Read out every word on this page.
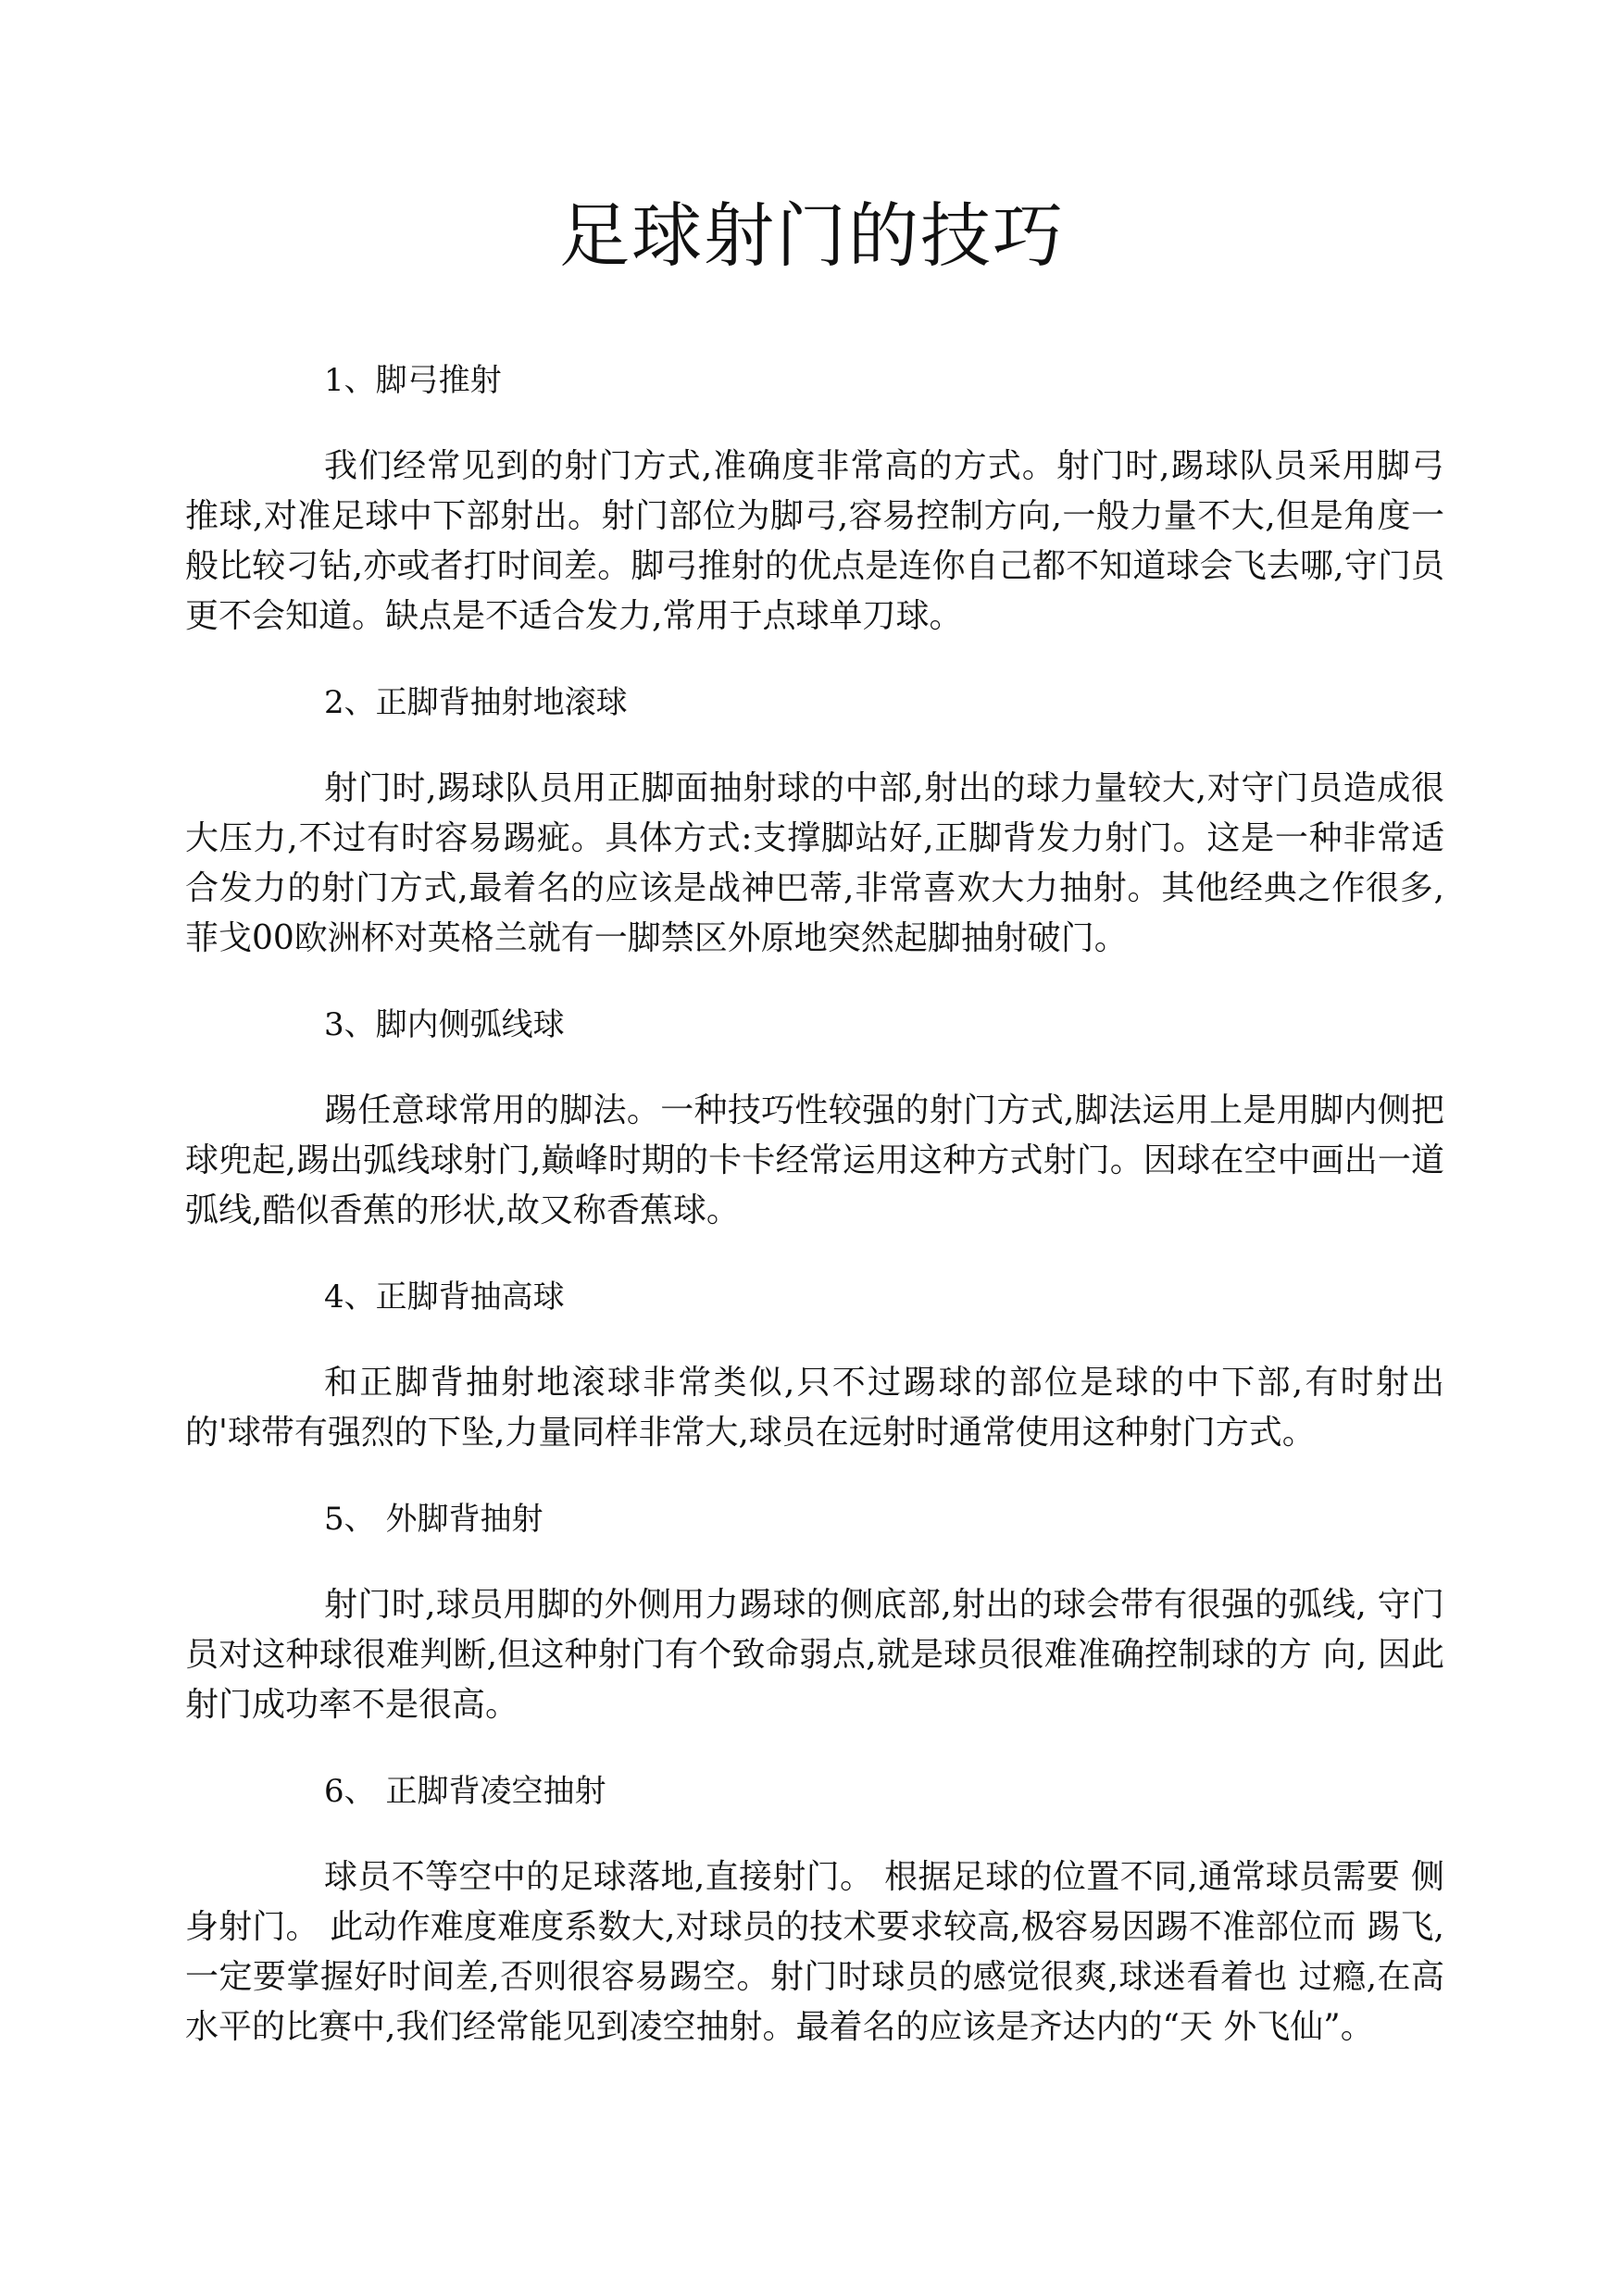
足球射门的技巧

1、脚弓推射

我们经常见到的射门方式,准确度非常高的方式。射门时,踢球队员采用脚弓推球,对准足球中下部射出。射门部位为脚弓,容易控制方向,一般力量不大,但是角度一般比较刁钻,亦或者打时间差。脚弓推射的优点是连你自己都不知道球会飞去哪,守门员更不会知道。缺点是不适合发力,常用于点球单刀球。

2、正脚背抽射地滚球

射门时,踢球队员用正脚面抽射球的中部,射出的球力量较大,对守门员造成很大压力,不过有时容易踢疵。具体方式:支撑脚站好,正脚背发力射门。这是一种非常适合发力的射门方式,最着名的应该是战神巴蒂,非常喜欢大力抽射。其他经典之作很多,菲戈00欧洲杯对英格兰就有一脚禁区外原地突然起脚抽射破门。

3、脚内侧弧线球

踢任意球常用的脚法。一种技巧性较强的射门方式,脚法运用上是用脚内侧把球兜起,踢出弧线球射门,巅峰时期的卡卡经常运用这种方式射门。因球在空中画出一道弧线,酷似香蕉的形状,故又称香蕉球。

4、正脚背抽高球

和正脚背抽射地滚球非常类似,只不过踢球的部位是球的中下部,有时射出的'球带有强烈的下坠,力量同样非常大,球员在远射时通常使用这种射门方式。

5、 外脚背抽射

射门时,球员用脚的外侧用力踢球的侧底部,射出的球会带有很强的弧线, 守门员对这种球很难判断,但这种射门有个致命弱点,就是球员很难准确控制球的方 向, 因此射门成功率不是很高。

6、 正脚背凌空抽射

球员不等空中的足球落地,直接射门。 根据足球的位置不同,通常球员需要 侧身射门。 此动作难度难度系数大,对球员的技术要求较高,极容易因踢不准部位而 踢飞,一定要掌握好时间差,否则很容易踢空。射门时球员的感觉很爽,球迷看着也 过瘾,在高水平的比赛中,我们经常能见到凌空抽射。最着名的应该是齐达内的“天 外飞仙”。
